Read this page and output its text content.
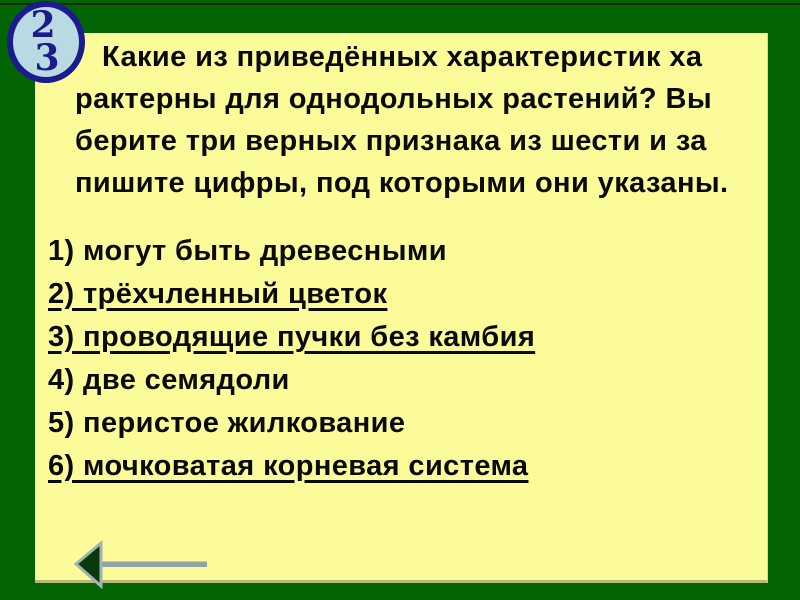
2
3	Какие из приведённых характеристик ха
рактерны для однодольных растений? Вы
берите три верных признака из шести и за
пишите цифры, под которыми они указаны.
1) могут быть древесными
2) трёхчленный цветок
3) проводящие пучки без камбия
4) две семядоли
5) перистое жилкование
6) мочковатая корневая система
